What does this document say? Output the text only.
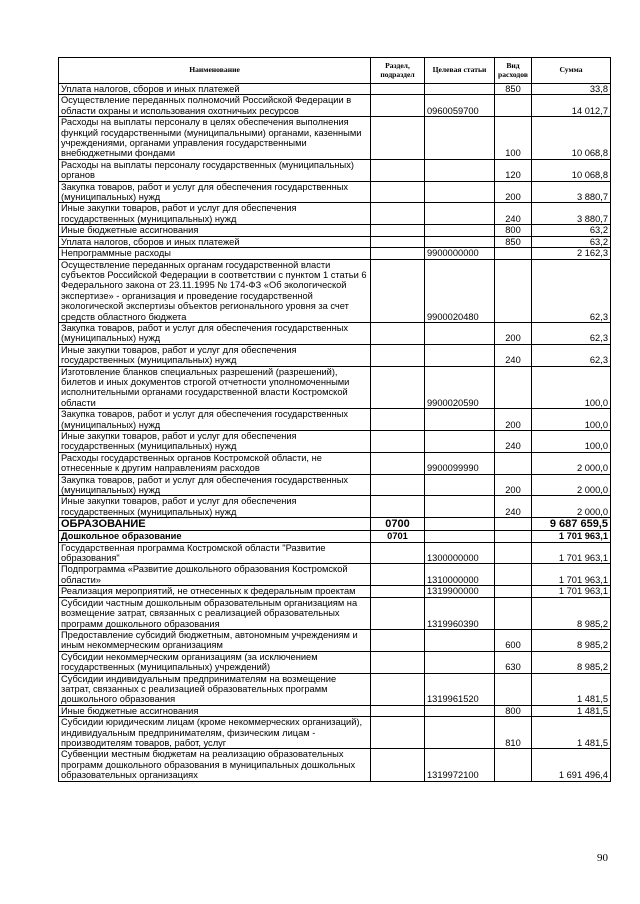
Наименование	Раздел, подраздел	Целевая статьи	Вид расходов	Сумма
Уплата налогов, сборов и иных платежей			850	33,8
Осуществление переданных полномочий Российской Федерации в области охраны и использования охотничьих ресурсов		0960059700		14 012,7
Расходы на выплаты персоналу в целях обеспечения выполнения функций государственными (муниципальными) органами, казенными учреждениями, органами управления государственными внебюджетными фондами			100	10 068,8
Расходы на выплаты персоналу государственных (муниципальных) органов			120	10 068,8
Закупка товаров, работ и услуг для обеспечения государственных (муниципальных) нужд			200	3 880,7
Иные закупки товаров, работ и услуг для обеспечения государственных (муниципальных) нужд			240	3 880,7
Иные бюджетные ассигнования			800	63,2
Уплата налогов, сборов и иных платежей			850	63,2
Непрограммные расходы		9900000000		2 162,3
Осуществление переданных органам государственной власти субъектов Российской Федерации в соответствии с пунктом 1 статьи 6 Федерального закона от 23.11.1995 № 174-ФЗ «Об экологической экспертизе» - организация и проведение государственной экологической экспертизы объектов регионального уровня за счет средств областного бюджета		9900020480		62,3
Закупка товаров, работ и услуг для обеспечения государственных (муниципальных) нужд			200	62,3
Иные закупки товаров, работ и услуг для обеспечения государственных (муниципальных) нужд			240	62,3
Изготовление бланков специальных разрешений (разрешений), билетов и иных документов строгой отчетности уполномоченными исполнительными органами государственной власти Костромской области		9900020590		100,0
Закупка товаров, работ и услуг для обеспечения государственных (муниципальных) нужд			200	100,0
Иные закупки товаров, работ и услуг для обеспечения государственных (муниципальных) нужд			240	100,0
Расходы государственных органов Костромской области, не отнесенные к другим направлениям расходов		9900099990		2 000,0
Закупка товаров, работ и услуг для обеспечения государственных (муниципальных) нужд			200	2 000,0
Иные закупки товаров, работ и услуг для обеспечения государственных (муниципальных) нужд			240	2 000,0
ОБРАЗОВАНИЕ	0700			9 687 659,5
Дошкольное образование	0701			1 701 963,1
Государственная программа Костромской области "Развитие образования"		1300000000		1 701 963,1
Подпрограмма «Развитие дошкольного образования Костромской области»		1310000000		1 701 963,1
Реализация мероприятий, не отнесенных к федеральным проектам		1319900000		1 701 963,1
Субсидии частным дошкольным образовательным организациям на возмещение затрат, связанных с реализацией образовательных программ дошкольного образования		1319960390		8 985,2
Предоставление субсидий бюджетным, автономным учреждениям и иным некоммерческим организациям			600	8 985,2
Субсидии некоммерческим организациям (за исключением государственных (муниципальных) учреждений)			630	8 985,2
Субсидии индивидуальным предпринимателям на возмещение затрат, связанных с реализацией образовательных программ дошкольного образования		1319961520		1 481,5
Иные бюджетные ассигнования			800	1 481,5
Субсидии юридическим лицам (кроме некоммерческих организаций), индивидуальным предпринимателям, физическим лицам - производителям товаров, работ, услуг			810	1 481,5
Субвенции местным бюджетам на реализацию образовательных программ дошкольного образования в муниципальных дошкольных образовательных организациях		1319972100		1 691 496,4
90
